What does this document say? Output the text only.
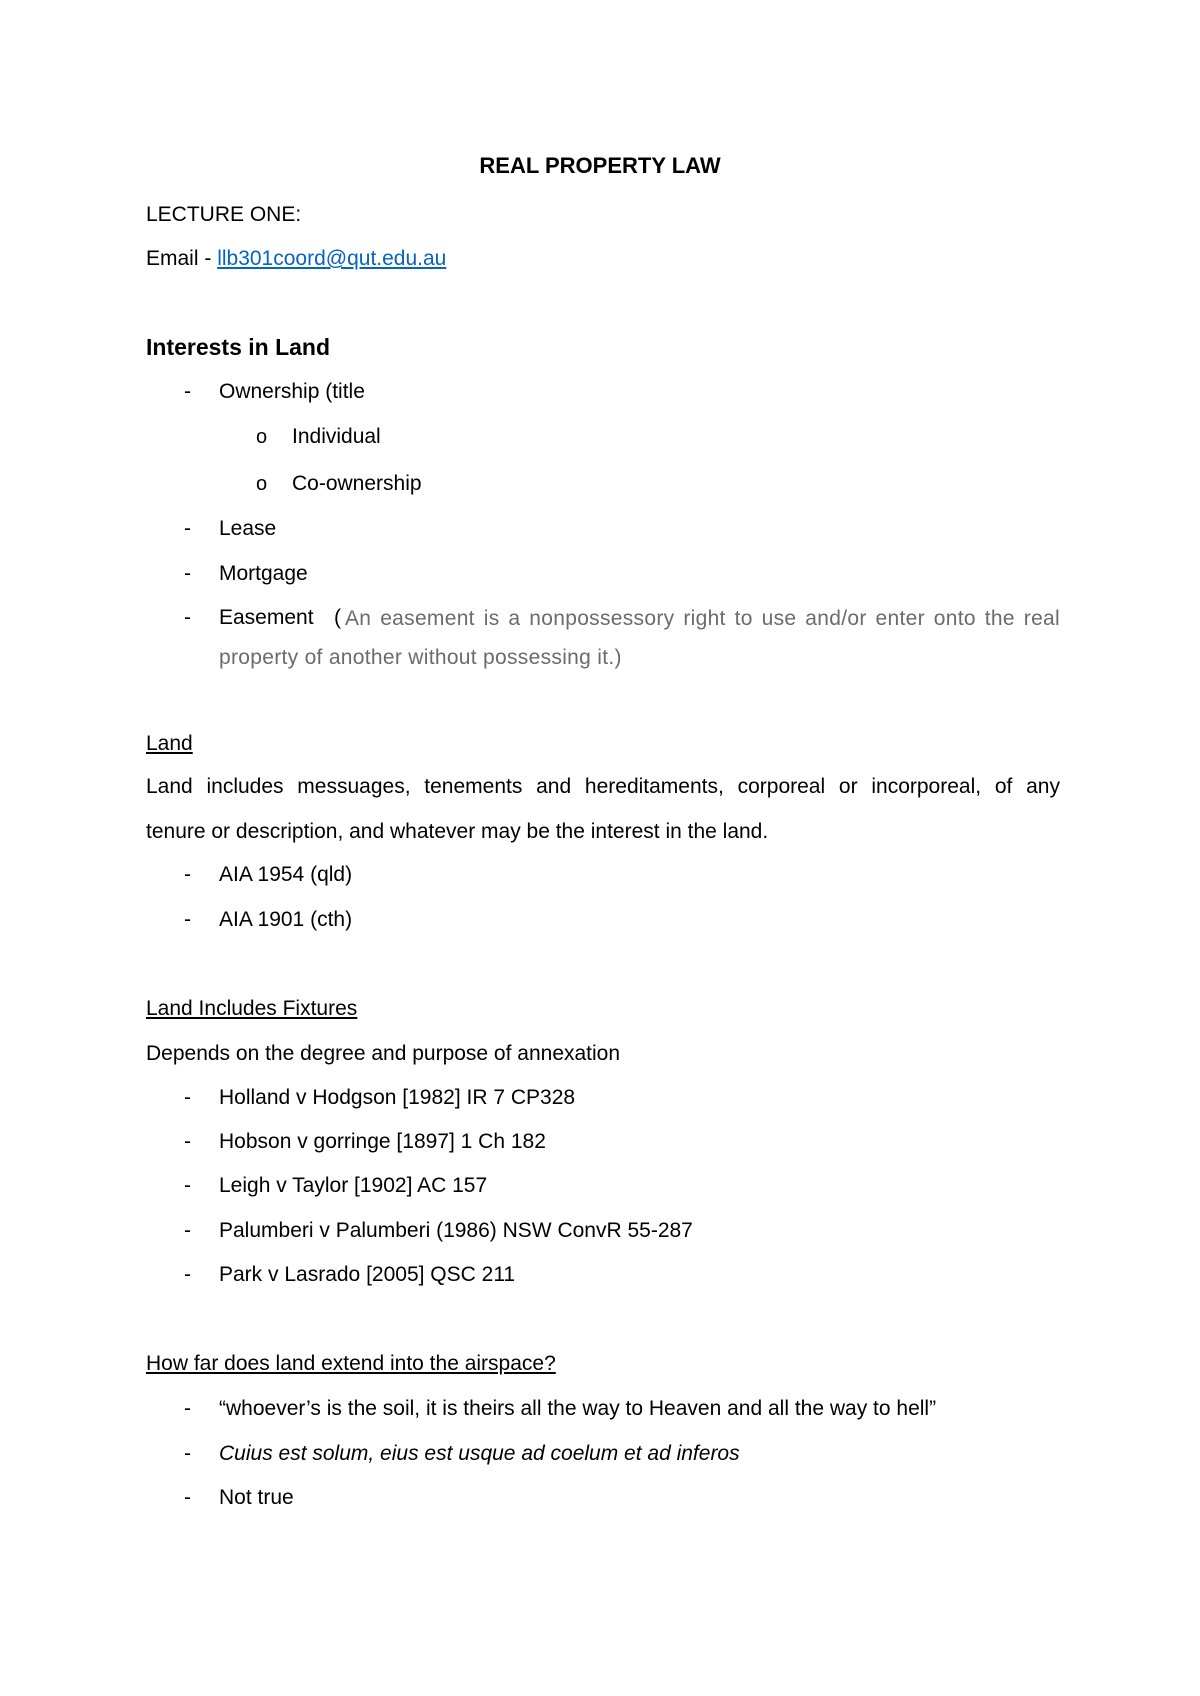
REAL PROPERTY LAW
LECTURE ONE:
Email - llb301coord@qut.edu.au
Interests in Land
- Ownership (title
o Individual
o Co-ownership
- Lease
- Mortgage
- Easement ( An easement is a nonpossessory right to use and/or enter onto the real
property of another without possessing it.)
Land
Land includes messuages, tenements and hereditaments, corporeal or incorporeal, of any
tenure or description, and whatever may be the interest in the land.
- AIA 1954 (qld)
- AIA 1901 (cth)
Land Includes Fixtures
Depends on the degree and purpose of annexation
- Holland v Hodgson [1982] IR 7 CP328
- Hobson v gorringe [1897] 1 Ch 182
- Leigh v Taylor [1902] AC 157
- Palumberi v Palumberi (1986) NSW ConvR 55-287
- Park v Lasrado [2005] QSC 211
How far does land extend into the airspace?
- “whoever’s is the soil, it is theirs all the way to Heaven and all the way to hell”
- Cuius est solum, eius est usque ad coelum et ad inferos
- Not true
